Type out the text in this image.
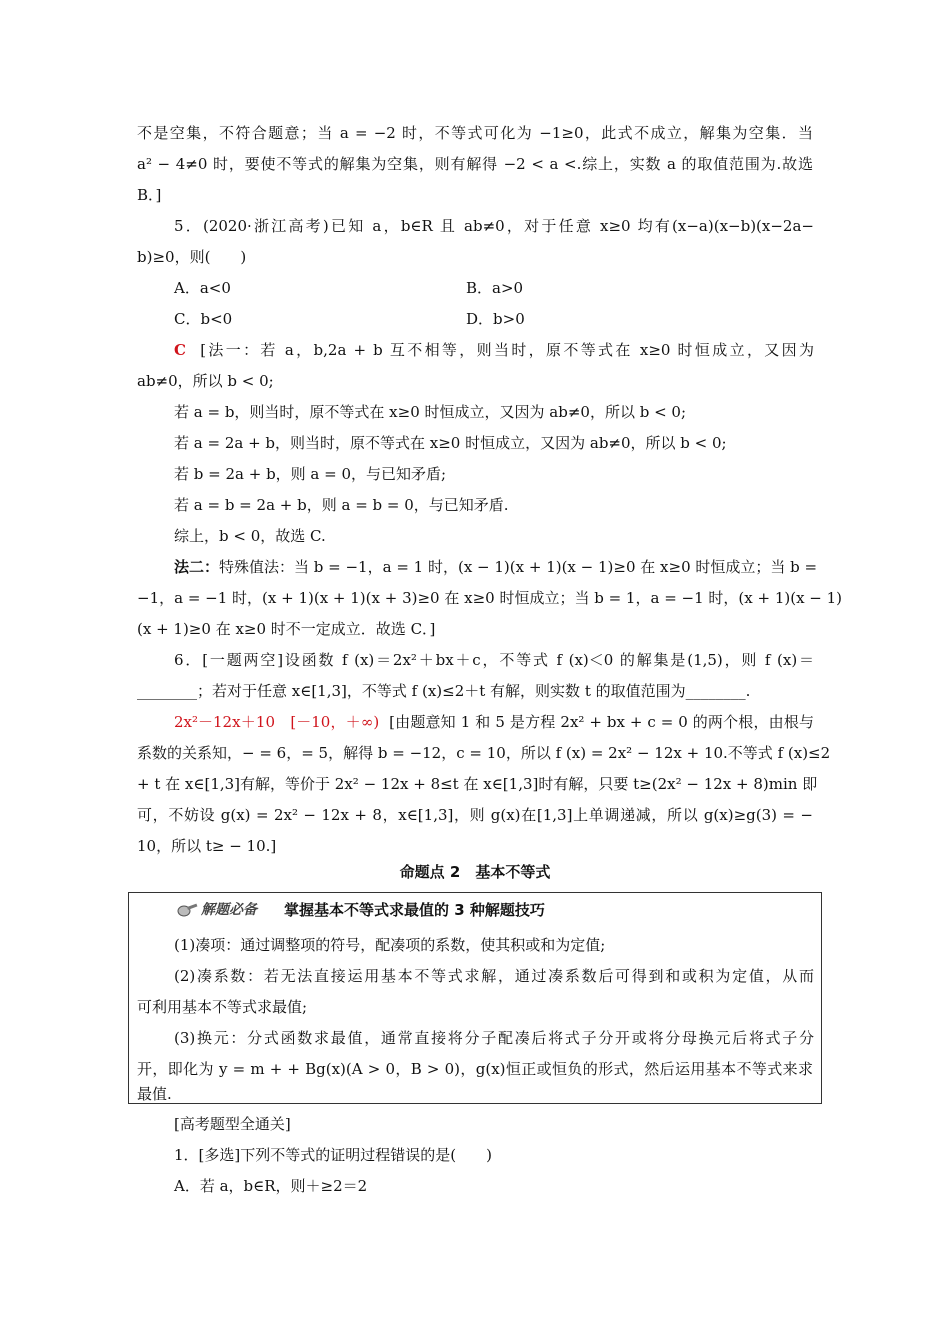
不是空集，不符合题意；当 a = −2 时，不等式可化为 −1≥0，此式不成立，解集为空集．当
a² − 4≠0 时，要使不等式的解集为空集，则有解得 −2 < a <.综上，实数 a 的取值范围为.故选
B．]
5．(2020·浙江高考)已知 a，b∈R 且 ab≠0，对于任意 x≥0 均有(x−a)(x−b)(x−2a−
b)≥0，则(　　)
A．a<0	B．a>0
C．b<0	D．b>0
C [法一：若 a，b,2a + b 互不相等，则当时，原不等式在 x≥0 时恒成立，又因为
ab≠0，所以 b < 0;
若 a = b，则当时，原不等式在 x≥0 时恒成立，又因为 ab≠0，所以 b < 0;
若 a = 2a + b，则当时，原不等式在 x≥0 时恒成立，又因为 ab≠0，所以 b < 0;
若 b = 2a + b，则 a = 0，与已知矛盾;
若 a = b = 2a + b，则 a = b = 0，与已知矛盾.
综上，b < 0，故选 C.
法二：特殊值法：当 b = −1，a = 1 时，(x − 1)(x + 1)(x − 1)≥0 在 x≥0 时恒成立；当 b =
−1，a = −1 时，(x + 1)(x + 1)(x + 3)≥0 在 x≥0 时恒成立；当 b = 1，a = −1 时，(x + 1)(x − 1)
(x + 1)≥0 在 x≥0 时不一定成立．故选 C．]
6．[一题两空]设函数 f (x)＝2x²＋bx＋c，不等式 f (x)＜0 的解集是(1,5)，则 f (x)＝
________；若对于任意 x∈[1,3]，不等式 f (x)≤2＋t 有解，则实数 t 的取值范围为________.
2x²－12x＋10　[－10，＋∞) [由题意知 1 和 5 是方程 2x² + bx + c = 0 的两个根，由根与
系数的关系知，− = 6，= 5，解得 b = −12，c = 10，所以 f (x) = 2x² − 12x + 10.不等式 f (x)≤2
+ t 在 x∈[1,3]有解，等价于 2x² − 12x + 8≤t 在 x∈[1,3]时有解，只要 t≥(2x² − 12x + 8)min 即
可，不妨设 g(x) = 2x² − 12x + 8，x∈[1,3]，则 g(x)在[1,3]上单调递减，所以 g(x)≥g(3) = −
10，所以 t≥ − 10.]
命题点 2　基本不等式
解题必备 掌握基本不等式求最值的 3 种解题技巧
(1)凑项：通过调整项的符号，配凑项的系数，使其积或和为定值;
(2)凑系数：若无法直接运用基本不等式求解，通过凑系数后可得到和或积为定值，从而
可利用基本不等式求最值;
(3)换元：分式函数求最值，通常直接将分子配凑后将式子分开或将分母换元后将式子分
开，即化为 y = m + + Bg(x)(A > 0，B > 0)，g(x)恒正或恒负的形式，然后运用基本不等式来求
最值.
[高考题型全通关]
1．[多选]下列不等式的证明过程错误的是(　　)
A．若 a，b∈R，则＋≥2＝2
